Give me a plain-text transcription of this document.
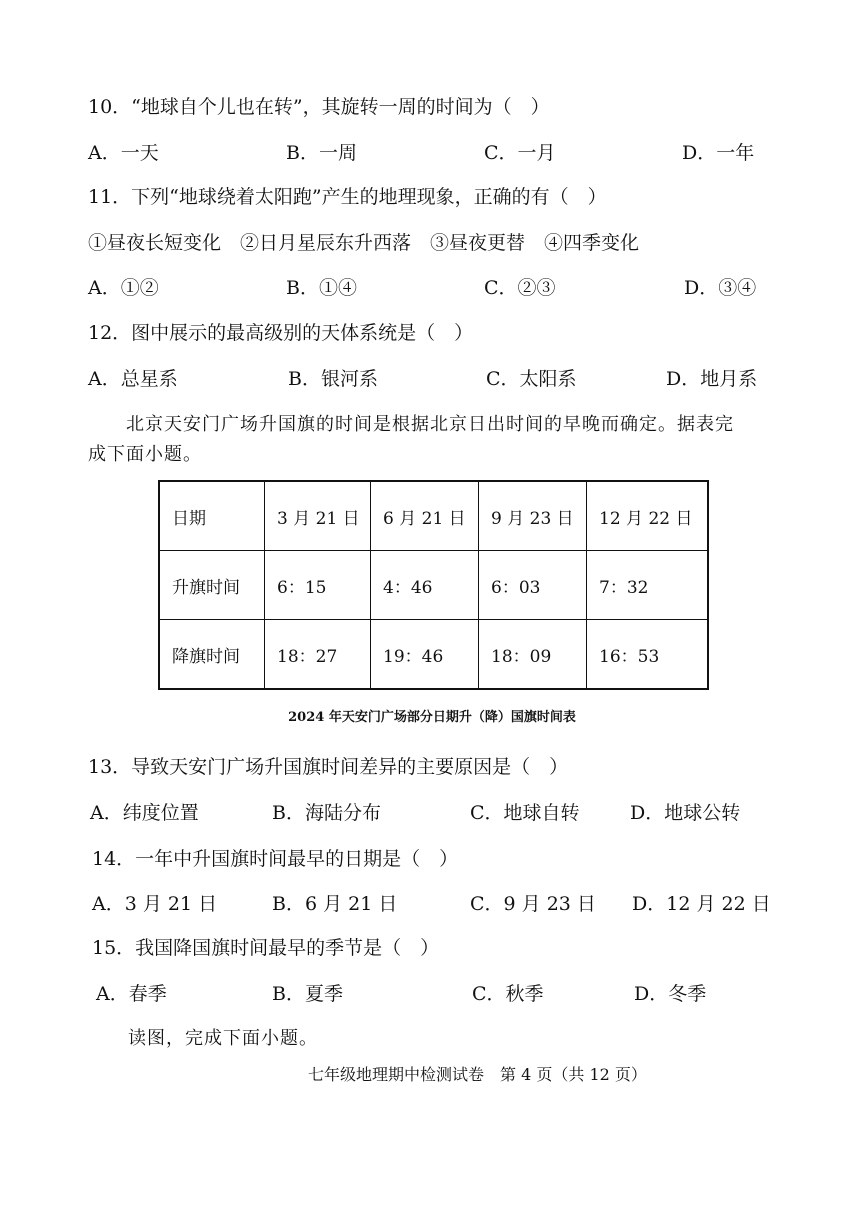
10．“地球自个儿也在转”，其旋转一周的时间为（　）
A．一天	B．一周	C．一月	D．一年
11．下列“地球绕着太阳跑”产生的地理现象，正确的有（　）
①昼夜长短变化　②日月星辰东升西落　③昼夜更替　④四季变化
A．①②	B．①④	C．②③	D．③④
12．图中展示的最高级别的天体系统是（　）
A．总星系	B．银河系	C．太阳系	D．地月系
北京天安门广场升国旗的时间是根据北京日出时间的早晚而确定。据表完
成下面小题。
日期	3 月 21 日	6 月 21 日	9 月 23 日	12 月 22 日
升旗时间	6：15	4：46	6：03	7：32
降旗时间	18：27	19：46	18：09	16：53
2024 年天安门广场部分日期升（降）国旗时间表
13．导致天安门广场升国旗时间差异的主要原因是（　）
A．纬度位置	B．海陆分布	C．地球自转	D．地球公转
14．一年中升国旗时间最早的日期是（　）
A．3 月 21 日	B．6 月 21 日	C．9 月 23 日 D．12 月 22 日
15．我国降国旗时间最早的季节是（　）
A．春季	B．夏季	C．秋季	D．冬季
读图，完成下面小题。
七年级地理期中检测试卷　第 4 页（共 12 页）
